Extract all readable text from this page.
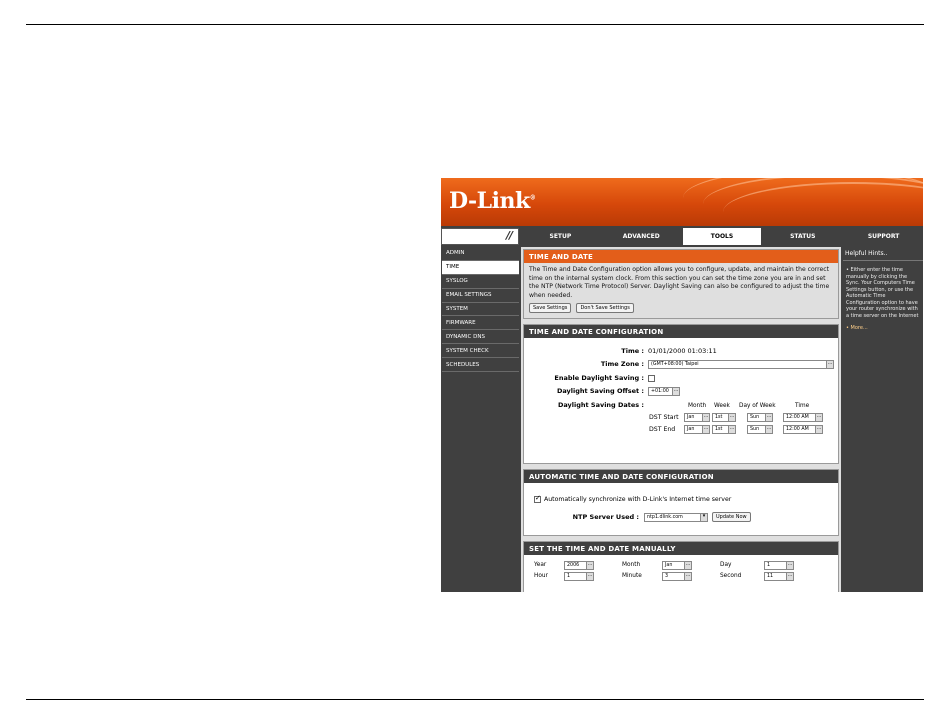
D-Link®
//	SETUP	ADVANCED	TOOLS	STATUS	SUPPORT
ADMIN
TIME
SYSLOG
EMAIL SETTINGS
SYSTEM
FIRMWARE
DYNAMIC DNS
SYSTEM CHECK
SCHEDULES
TIME AND DATE

The Time and Date Configuration option allows you to configure, update, and maintain the correct time on the internal system clock. From this section you can set the time zone you are in and set the NTP (Network Time Protocol) Server. Daylight Saving can also be configured to adjust the time when needed.

Save Settings	Don't Save Settings
TIME AND DATE CONFIGURATION
Time : 01/01/2000 01:03:11
Time Zone :	(GMT+08:00) Taipei	...
Enable Daylight Saving :
Daylight Saving Offset :	+01:00 ...
Daylight Saving Dates :	Month Week Day of Week	Time
DST Start	Jan	...	1st	...	Sun	...	12:00 AM	...
DST End	Jan	...	1st	...	Sun	...	12:00 AM	...
AUTOMATIC TIME AND DATE CONFIGURATION
✓ Automatically synchronize with D-Link's Internet time server
NTP Server Used :	ntp1.dlink.com	▾	Update Now
SET THE TIME AND DATE MANUALLY
Year	2006	...	Month	Jan	...	Day	1	...
Hour	1	...	Minute	3	...	Second	11	...
Helpful Hints..
• Either enter the time manually by clicking the Sync. Your Computers Time Settings button, or use the Automatic Time Configuration option to have your router synchronize with a time server on the Internet
• More...
